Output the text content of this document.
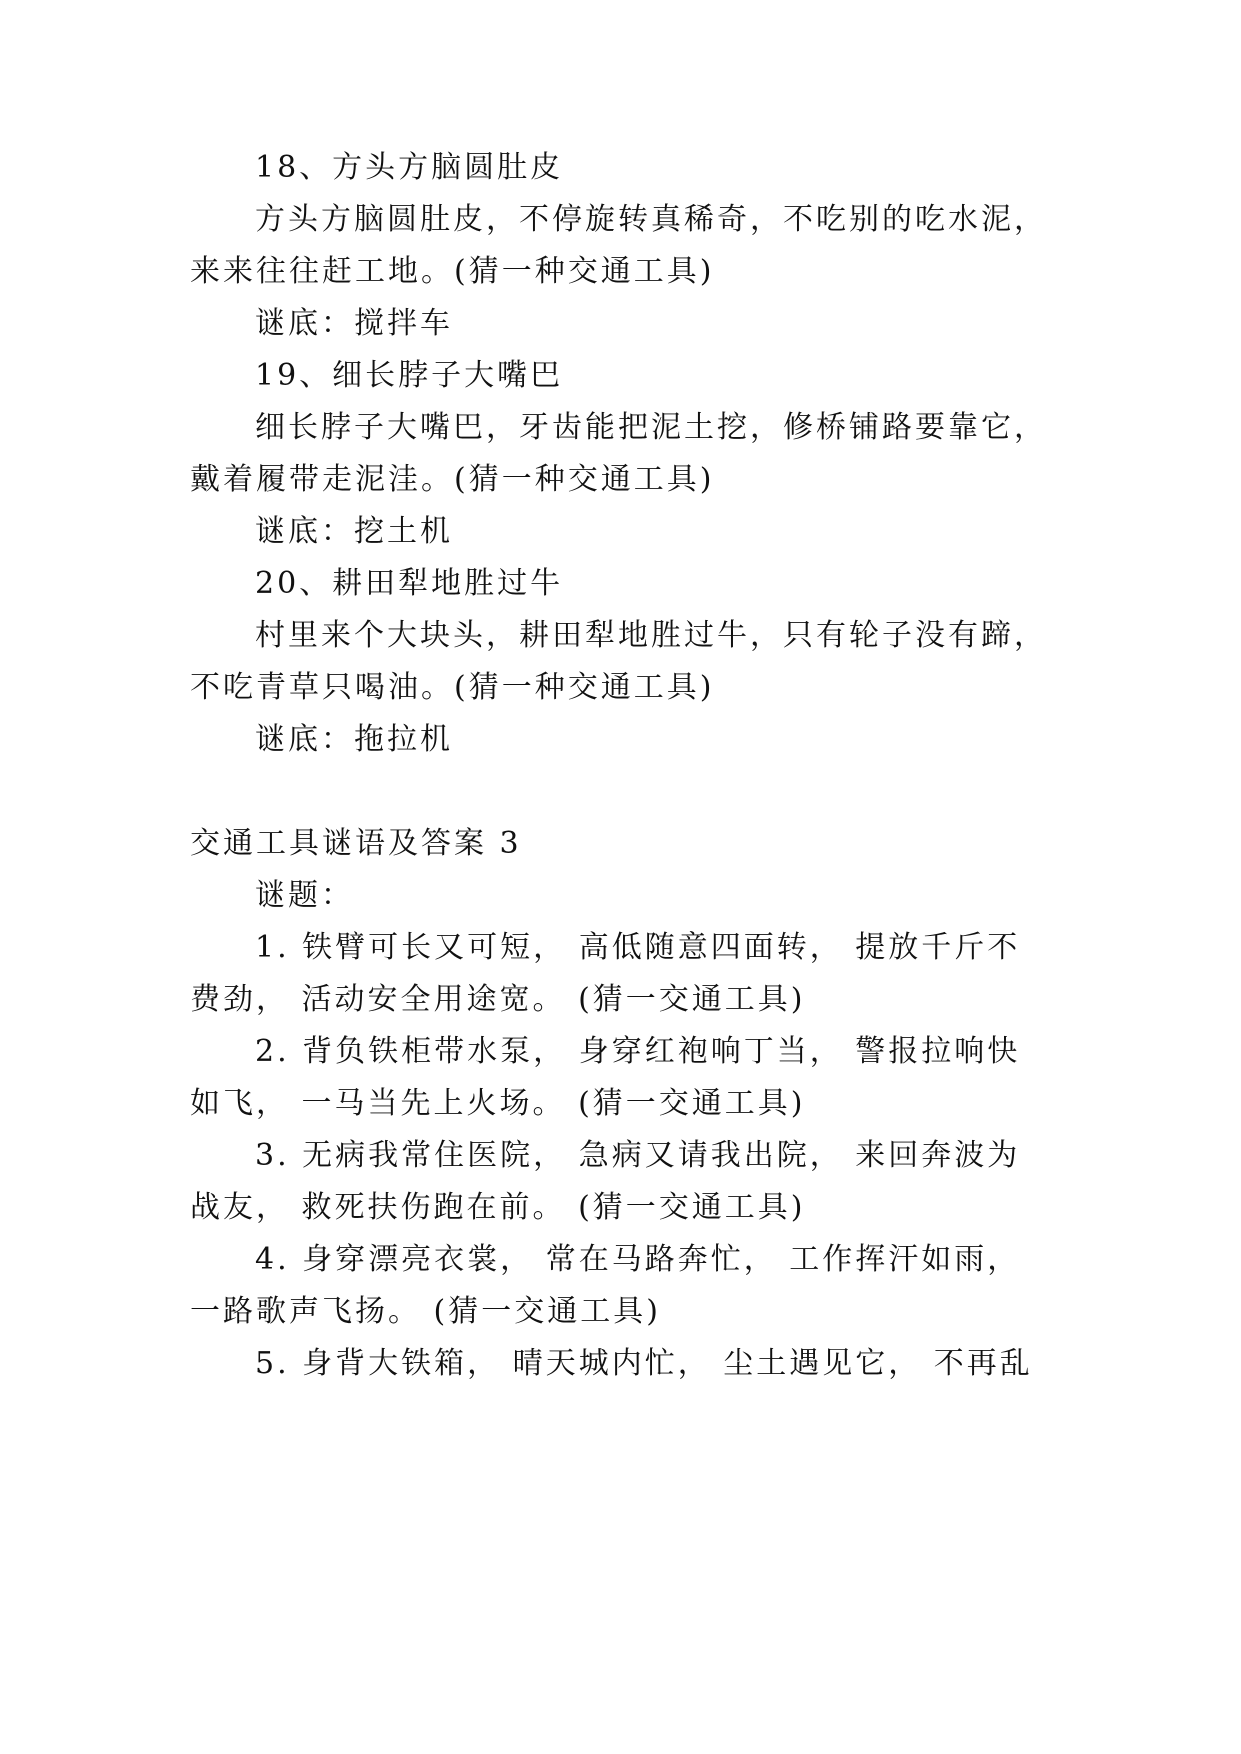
18、方头方脑圆肚皮
方头方脑圆肚皮，不停旋转真稀奇，不吃别的吃水泥，
来来往往赶工地。(猜一种交通工具)
谜底：搅拌车
19、细长脖子大嘴巴
细长脖子大嘴巴，牙齿能把泥土挖，修桥铺路要靠它，
戴着履带走泥洼。(猜一种交通工具)
谜底：挖土机
20、耕田犁地胜过牛
村里来个大块头，耕田犁地胜过牛，只有轮子没有蹄，
不吃青草只喝油。(猜一种交通工具)
谜底：拖拉机
交通工具谜语及答案 3
谜题：
1. 铁臂可长又可短， 高低随意四面转， 提放千斤不
费劲， 活动安全用途宽。 (猜一交通工具)
2. 背负铁柜带水泵， 身穿红袍响丁当， 警报拉响快
如飞， 一马当先上火场。 (猜一交通工具)
3. 无病我常住医院， 急病又请我出院， 来回奔波为
战友， 救死扶伤跑在前。 (猜一交通工具)
4. 身穿漂亮衣裳， 常在马路奔忙， 工作挥汗如雨，
一路歌声飞扬。 (猜一交通工具)
5. 身背大铁箱， 晴天城内忙， 尘土遇见它， 不再乱
